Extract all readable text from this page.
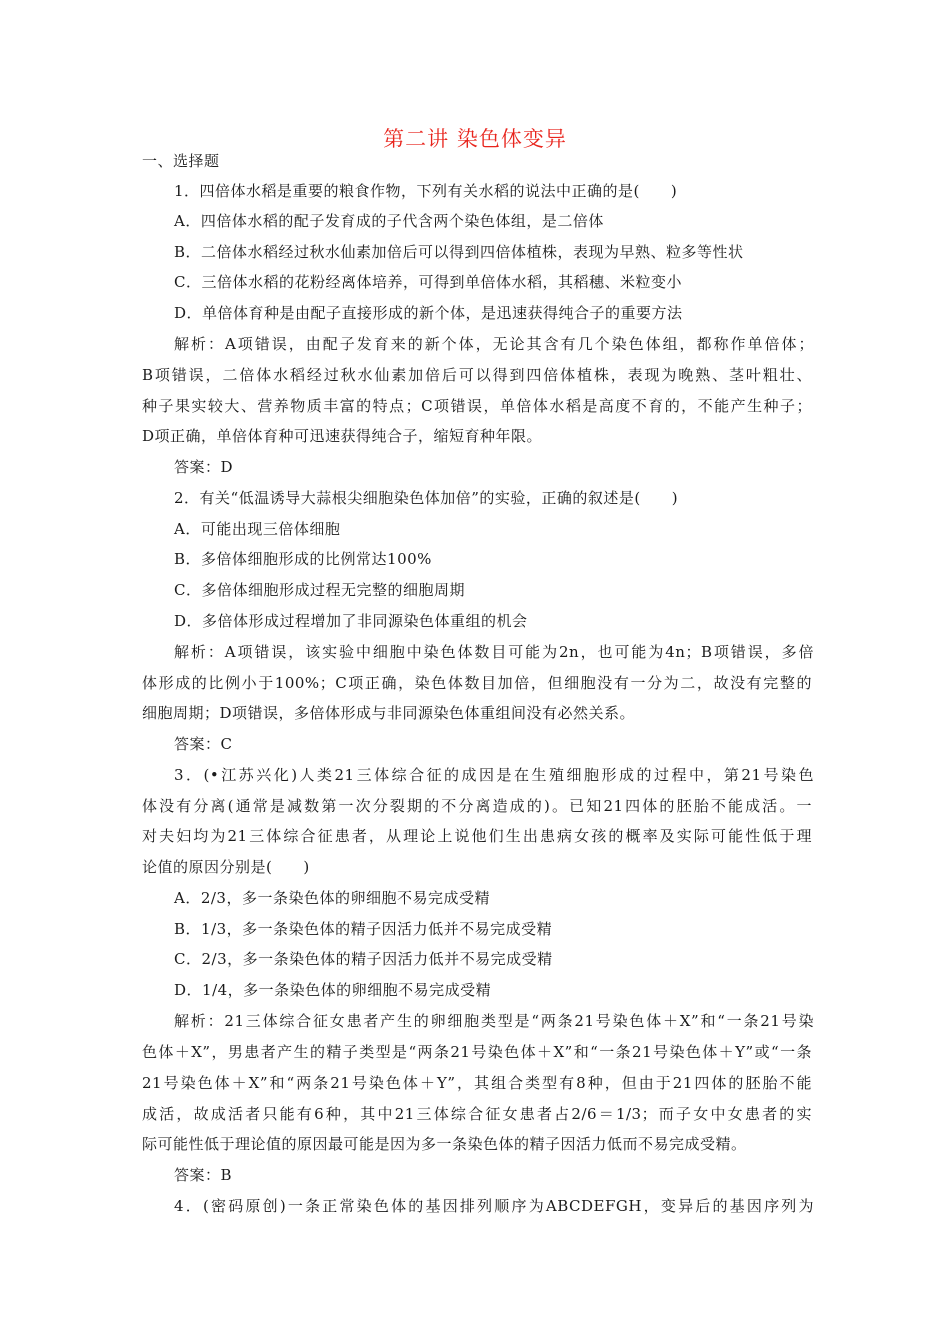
第二讲 染色体变异
一、选择题
1．四倍体水稻是重要的粮食作物，下列有关水稻的说法中正确的是(　　)
A．四倍体水稻的配子发育成的子代含两个染色体组，是二倍体
B．二倍体水稻经过秋水仙素加倍后可以得到四倍体植株，表现为早熟、粒多等性状
C．三倍体水稻的花粉经离体培养，可得到单倍体水稻，其稻穗、米粒变小
D．单倍体育种是由配子直接形成的新个体，是迅速获得纯合子的重要方法
解析：A项错误，由配子发育来的新个体，无论其含有几个染色体组，都称作单倍体；
B项错误，二倍体水稻经过秋水仙素加倍后可以得到四倍体植株，表现为晚熟、茎叶粗壮、
种子果实较大、营养物质丰富的特点；C项错误，单倍体水稻是高度不育的，不能产生种子；
D项正确，单倍体育种可迅速获得纯合子，缩短育种年限。
答案：D
2．有关“低温诱导大蒜根尖细胞染色体加倍”的实验，正确的叙述是(　　)
A．可能出现三倍体细胞
B．多倍体细胞形成的比例常达100%
C．多倍体细胞形成过程无完整的细胞周期
D．多倍体形成过程增加了非同源染色体重组的机会
解析：A项错误，该实验中细胞中染色体数目可能为2n，也可能为4n；B项错误，多倍
体形成的比例小于100%；C项正确，染色体数目加倍，但细胞没有一分为二，故没有完整的
细胞周期；D项错误，多倍体形成与非同源染色体重组间没有必然关系。
答案：C
3．(•江苏兴化)人类21三体综合征的成因是在生殖细胞形成的过程中，第21号染色
体没有分离(通常是减数第一次分裂期的不分离造成的)。已知21四体的胚胎不能成活。一
对夫妇均为21三体综合征患者，从理论上说他们生出患病女孩的概率及实际可能性低于理
论值的原因分别是(　　)
A．2/3，多一条染色体的卵细胞不易完成受精
B．1/3，多一条染色体的精子因活力低并不易完成受精
C．2/3，多一条染色体的精子因活力低并不易完成受精
D．1/4，多一条染色体的卵细胞不易完成受精
解析：21三体综合征女患者产生的卵细胞类型是“两条21号染色体＋X”和“一条21号染
色体＋X”，男患者产生的精子类型是“两条21号染色体＋X”和“一条21号染色体＋Y”或“一条
21号染色体＋X”和“两条21号染色体＋Y”，其组合类型有8种，但由于21四体的胚胎不能
成活，故成活者只能有6种，其中21三体综合征女患者占2/6＝1/3；而子女中女患者的实
际可能性低于理论值的原因最可能是因为多一条染色体的精子因活力低而不易完成受精。
答案：B
4．(密码原创)一条正常染色体的基因排列顺序为ABCDEFGH，变异后的基因序列为
